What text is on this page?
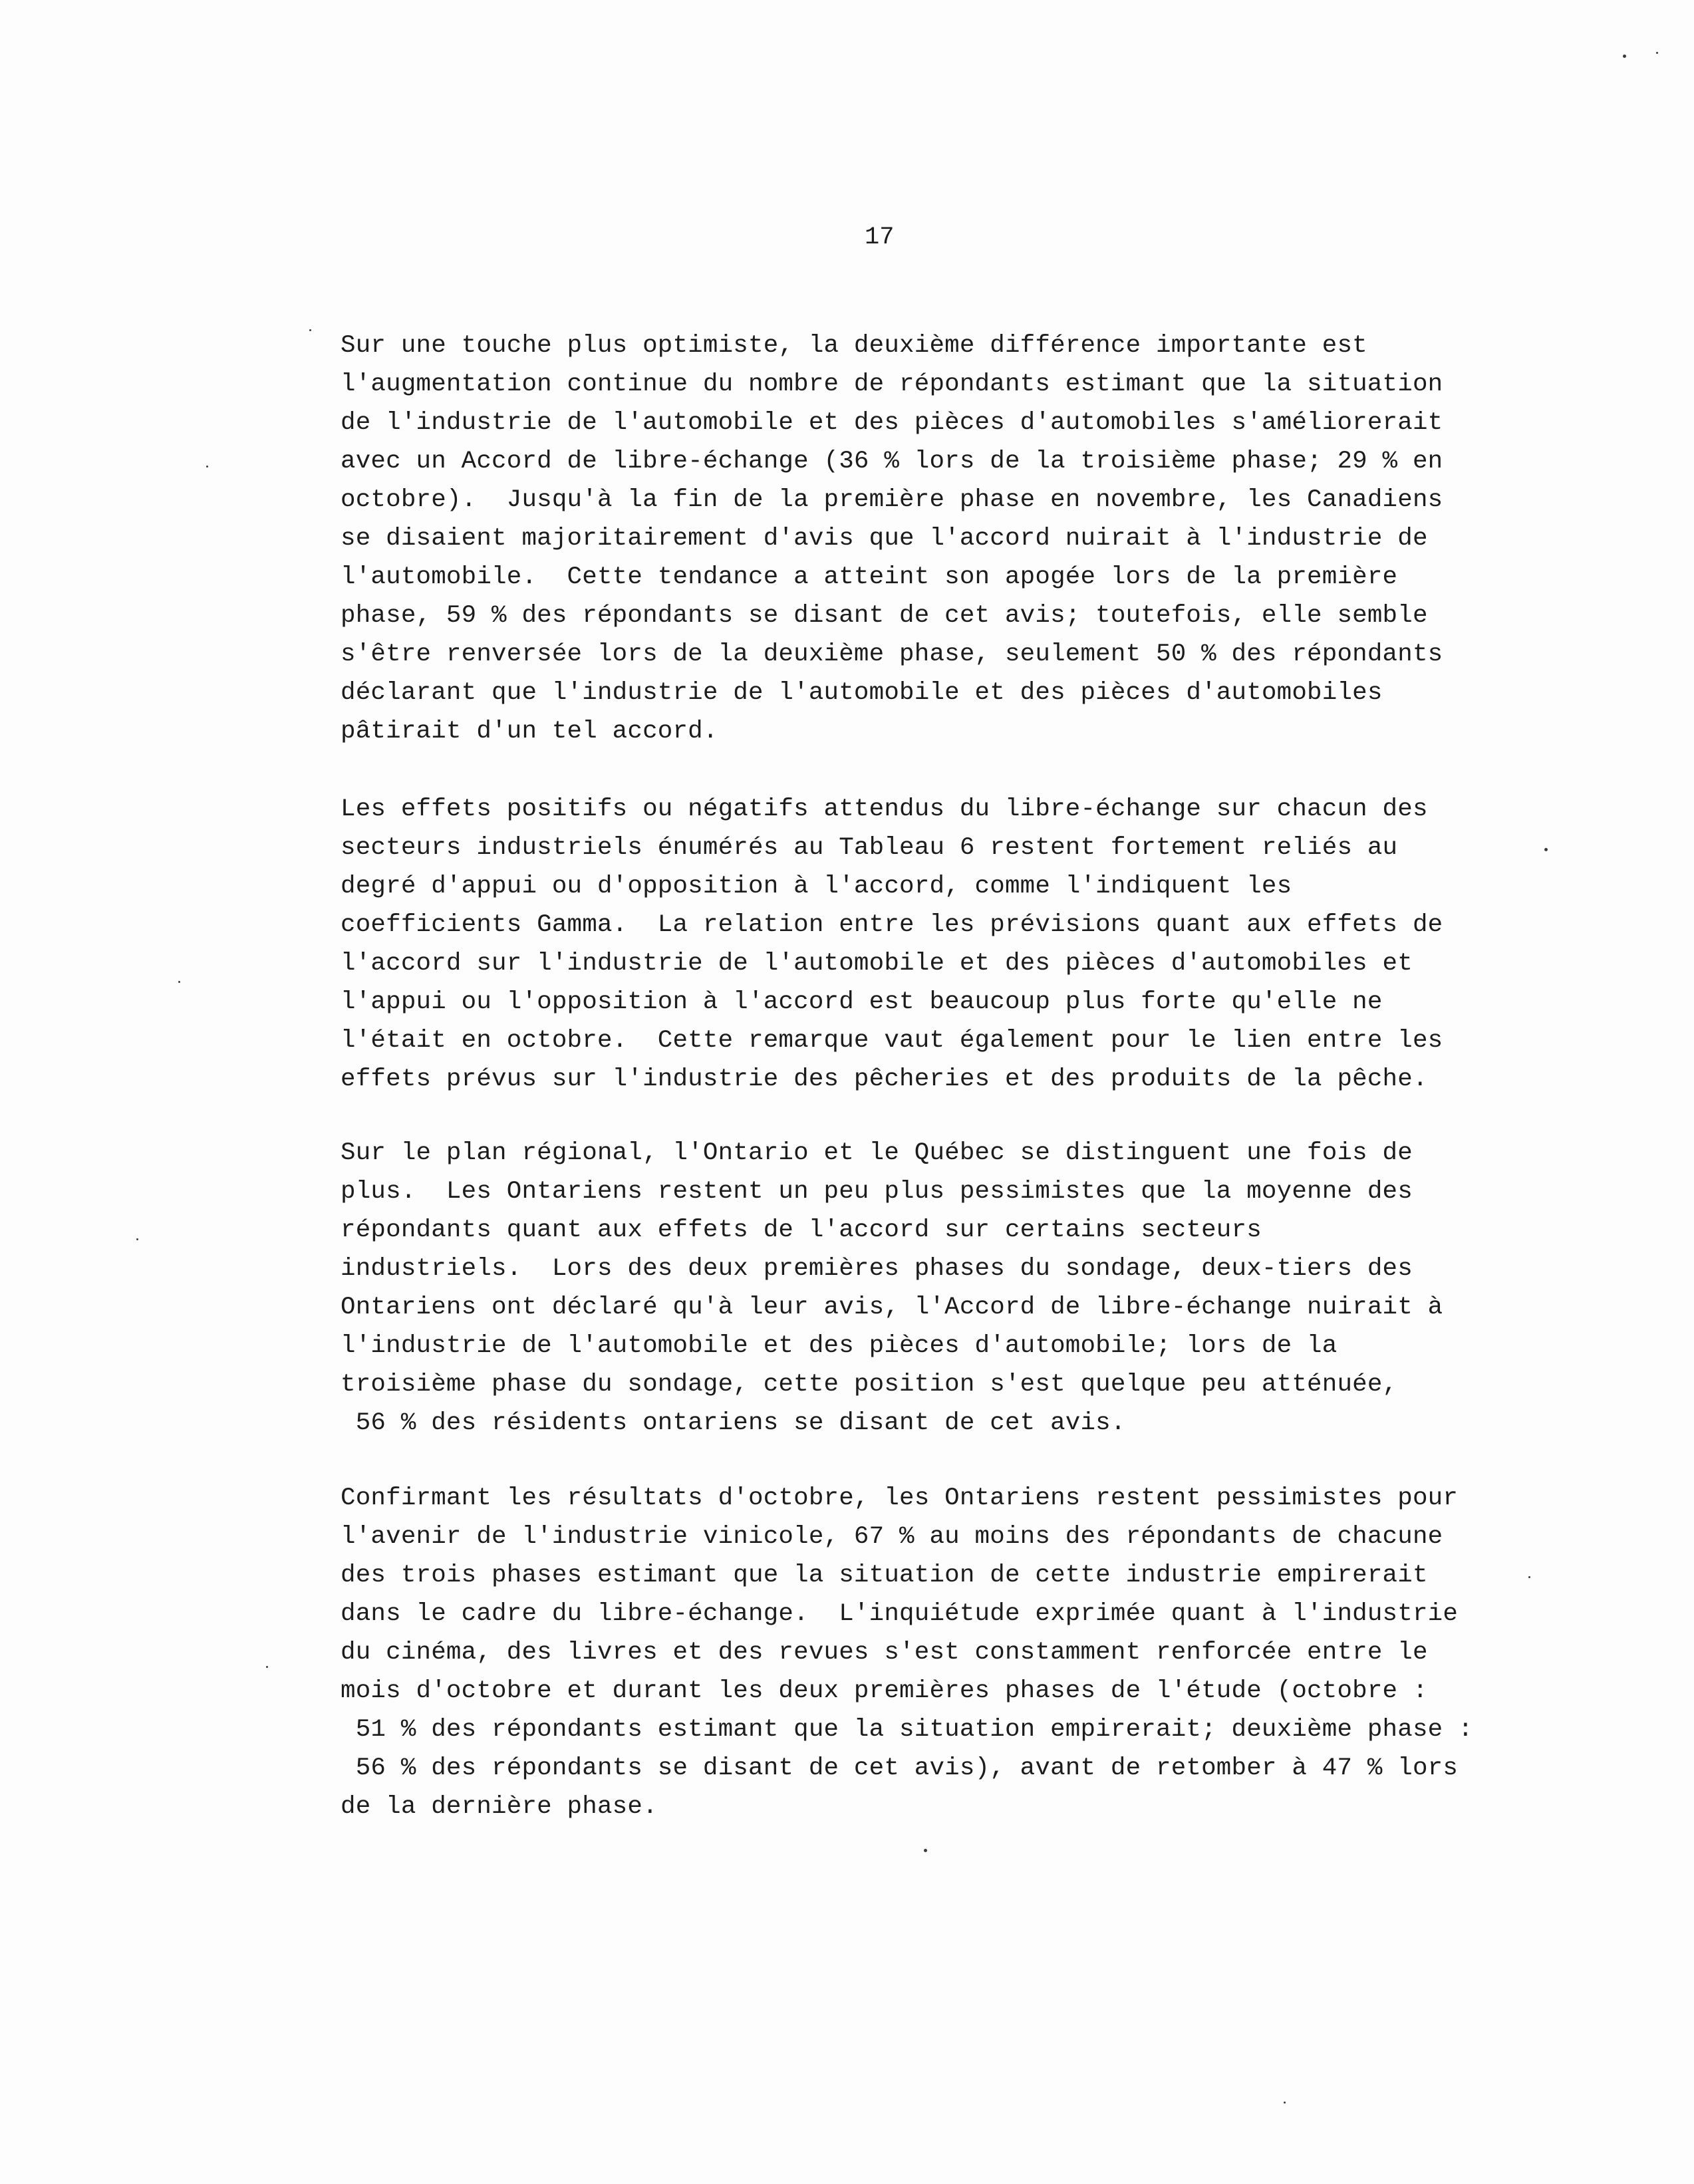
17
Sur une touche plus optimiste, la deuxième différence importante est
l'augmentation continue du nombre de répondants estimant que la situation
de l'industrie de l'automobile et des pièces d'automobiles s'améliorerait
avec un Accord de libre-échange (36 % lors de la troisième phase; 29 % en
octobre).  Jusqu'à la fin de la première phase en novembre, les Canadiens
se disaient majoritairement d'avis que l'accord nuirait à l'industrie de
l'automobile.  Cette tendance a atteint son apogée lors de la première
phase, 59 % des répondants se disant de cet avis; toutefois, elle semble
s'être renversée lors de la deuxième phase, seulement 50 % des répondants
déclarant que l'industrie de l'automobile et des pièces d'automobiles
pâtirait d'un tel accord.
Les effets positifs ou négatifs attendus du libre-échange sur chacun des
secteurs industriels énumérés au Tableau 6 restent fortement reliés au
degré d'appui ou d'opposition à l'accord, comme l'indiquent les
coefficients Gamma.  La relation entre les prévisions quant aux effets de
l'accord sur l'industrie de l'automobile et des pièces d'automobiles et
l'appui ou l'opposition à l'accord est beaucoup plus forte qu'elle ne
l'était en octobre.  Cette remarque vaut également pour le lien entre les
effets prévus sur l'industrie des pêcheries et des produits de la pêche.
Sur le plan régional, l'Ontario et le Québec se distinguent une fois de
plus.  Les Ontariens restent un peu plus pessimistes que la moyenne des
répondants quant aux effets de l'accord sur certains secteurs
industriels.  Lors des deux premières phases du sondage, deux-tiers des
Ontariens ont déclaré qu'à leur avis, l'Accord de libre-échange nuirait à
l'industrie de l'automobile et des pièces d'automobile; lors de la
troisième phase du sondage, cette position s'est quelque peu atténuée,
56 % des résidents ontariens se disant de cet avis.
Confirmant les résultats d'octobre, les Ontariens restent pessimistes pour
l'avenir de l'industrie vinicole, 67 % au moins des répondants de chacune
des trois phases estimant que la situation de cette industrie empirerait
dans le cadre du libre-échange.  L'inquiétude exprimée quant à l'industrie
du cinéma, des livres et des revues s'est constamment renforcée entre le
mois d'octobre et durant les deux premières phases de l'étude (octobre :
51 % des répondants estimant que la situation empirerait; deuxième phase :
56 % des répondants se disant de cet avis), avant de retomber à 47 % lors
de la dernière phase.
